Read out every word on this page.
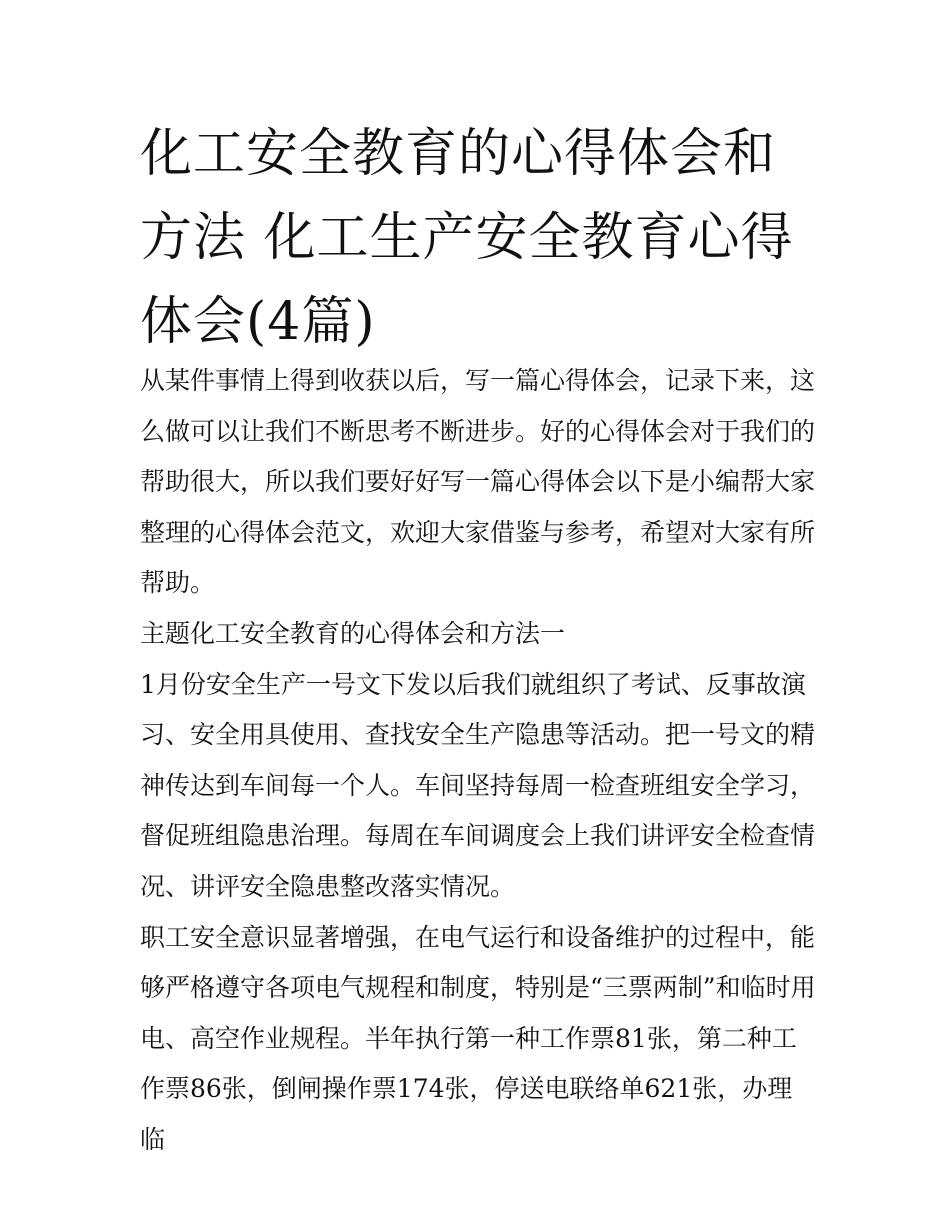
化工安全教育的心得体会和方法 化工生产安全教育心得体会(4篇)

从某件事情上得到收获以后，写一篇心得体会，记录下来，这么做可以让我们不断思考不断进步。好的心得体会对于我们的帮助很大，所以我们要好好写一篇心得体会以下是小编帮大家整理的心得体会范文，欢迎大家借鉴与参考，希望对大家有所帮助。

主题化工安全教育的心得体会和方法一

1月份安全生产一号文下发以后我们就组织了考试、反事故演习、安全用具使用、查找安全生产隐患等活动。把一号文的精神传达到车间每一个人。车间坚持每周一检查班组安全学习，督促班组隐患治理。每周在车间调度会上我们讲评安全检查情况、讲评安全隐患整改落实情况。

职工安全意识显著增强，在电气运行和设备维护的过程中，能够严格遵守各项电气规程和制度，特别是“三票两制”和临时用电、高空作业规程。半年执行第一种工作票81张，第二种工作票86张，倒闸操作票174张，停送电联络单621张，办理临
